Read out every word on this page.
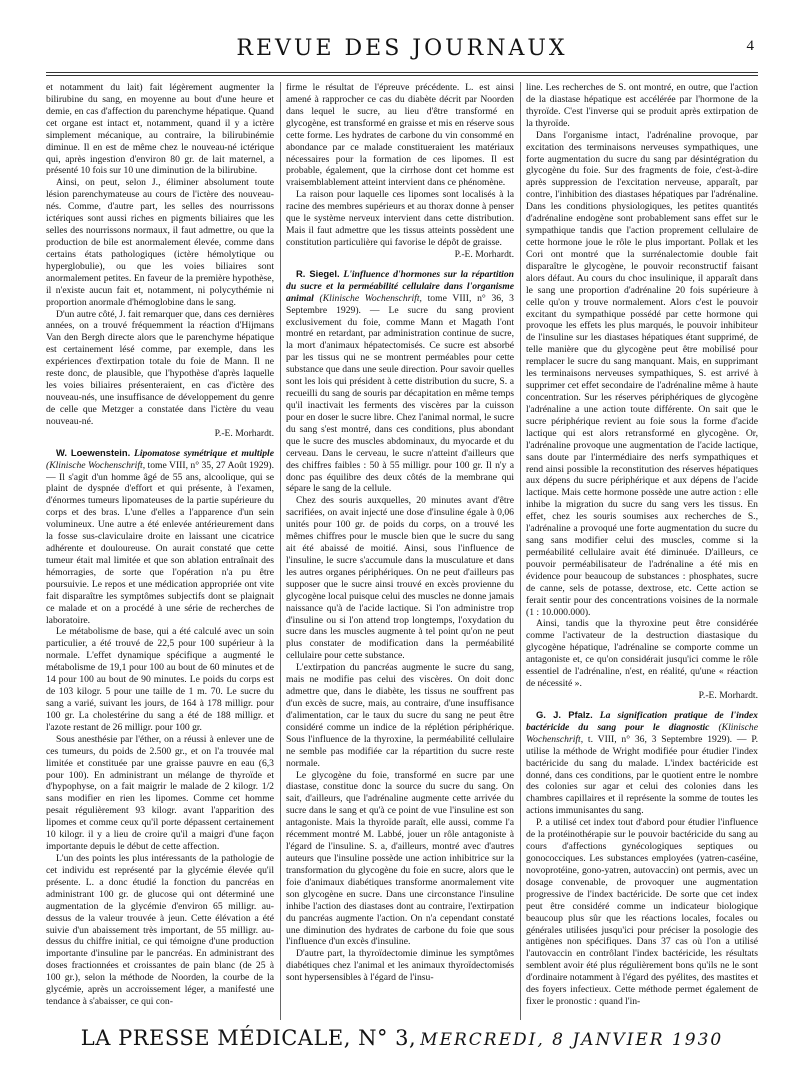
REVUE DES JOURNAUX	4

et notamment du lait) fait légèrement augmenter la bilirubine du sang, en moyenne au bout d'une heure et demie, en cas d'affection du parenchyme hépatique. Quand cet organe est intact et, notamment, quand il y a ictère simplement mécanique, au contraire, la bilirubinémie diminue. Il en est de même chez le nouveau-né ictérique qui, après ingestion d'environ 80 gr. de lait maternel, a présenté 10 fois sur 10 une diminution de la bilirubine.

Ainsi, on peut, selon J., éliminer absolument toute lésion parenchymateuse au cours de l'ictère des nouveau-nés. Comme, d'autre part, les selles des nourrissons ictériques sont aussi riches en pigments biliaires que les selles des nourrissons normaux, il faut admettre, ou que la production de bile est anormalement élevée, comme dans certains états pathologiques (ictère hémolytique ou hyperglobulie), ou que les voies biliaires sont anormalement petites. En faveur de la première hypothèse, il n'existe aucun fait et, notamment, ni polycythémie ni proportion anormale d'hémoglobine dans le sang.

D'un autre côté, J. fait remarquer que, dans ces dernières années, on a trouvé fréquemment la réaction d'Hijmans Van den Bergh directe alors que le parenchyme hépatique est certainement lésé comme, par exemple, dans les expériences d'extirpation totale du foie de Mann. Il ne reste donc, de plausible, que l'hypothèse d'après laquelle les voies biliaires présenteraient, en cas d'ictère des nouveau-nés, une insuffisance de développement du genre de celle que Metzger a constatée dans l'ictère du veau nouveau-né.

P.-E. Morhardt.

W. Loewenstein. Lipomatose symétrique et multiple (Klinische Wochenschrift, tome VIII, n° 35, 27 Août 1929). — Il s'agit d'un homme âgé de 55 ans, alcoolique, qui se plaint de dyspnée d'effort et qui présente, à l'examen, d'énormes tumeurs lipomateuses de la partie supérieure du corps et des bras. L'une d'elles a l'apparence d'un sein volumineux. Une autre a été enlevée antérieurement dans la fosse sus-claviculaire droite en laissant une cicatrice adhérente et douloureuse. On aurait constaté que cette tumeur était mal limitée et que son ablation entraînait des hémorragies, de sorte que l'opération n'a pu être poursuivie. Le repos et une médication appropriée ont vite fait disparaître les symptômes subjectifs dont se plaignait ce malade et on a procédé à une série de recherches de laboratoire.

Le métabolisme de base, qui a été calculé avec un soin particulier, a été trouvé de 22,5 pour 100 supérieur à la normale. L'effet dynamique spécifique a augmenté le métabolisme de 19,1 pour 100 au bout de 60 minutes et de 14 pour 100 au bout de 90 minutes. Le poids du corps est de 103 kilogr. 5 pour une taille de 1 m. 70. Le sucre du sang a varié, suivant les jours, de 164 à 178 milligr. pour 100 gr. La cholestérine du sang a été de 188 milligr. et l'azote restant de 26 milligr. pour 100 gr.

Sous anesthésie par l'éther, on a réussi à enlever une de ces tumeurs, du poids de 2.500 gr., et on l'a trouvée mal limitée et constituée par une graisse pauvre en eau (6,3 pour 100). En administrant un mélange de thyroïde et d'hypophyse, on a fait maigrir le malade de 2 kilogr. 1/2 sans modifier en rien les lipomes. Comme cet homme pesait régulièrement 93 kilogr. avant l'apparition des lipomes et comme ceux qu'il porte dépassent certainement 10 kilogr. il y a lieu de croire qu'il a maigri d'une façon importante depuis le début de cette affection.

L'un des points les plus intéressants de la pathologie de cet individu est représenté par la glycémie élevée qu'il présente. L. a donc étudié la fonction du pancréas en administrant 100 gr. de glucose qui ont déterminé une augmentation de la glycémie d'environ 65 milligr. au-dessus de la valeur trouvée à jeun. Cette élévation a été suivie d'un abaissement très important, de 55 milligr. au-dessus du chiffre initial, ce qui témoigne d'une production importante d'insuline par le pancréas. En administrant des doses fractionnées et croissantes de pain blanc (de 25 à 100 gr.), selon la méthode de Noorden, la courbe de la glycémie, après un accroissement léger, a manifesté une tendance à s'abaisser, ce qui con-

firme le résultat de l'épreuve précédente. L. est ainsi amené à rapprocher ce cas du diabète décrit par Noorden dans lequel le sucre, au lieu d'être transformé en glycogène, est transformé en graisse et mis en réserve sous cette forme. Les hydrates de carbone du vin consommé en abondance par ce malade constitueraient les matériaux nécessaires pour la formation de ces lipomes. Il est probable, également, que la cirrhose dont cet homme est vraisemblablement atteint intervient dans ce phénomène.

La raison pour laquelle ces lipomes sont localisés à la racine des membres supérieurs et au thorax donne à penser que le système nerveux intervient dans cette distribution. Mais il faut admettre que les tissus atteints possèdent une constitution particulière qui favorise le dépôt de graisse.

P.-E. Morhardt.

R. Siegel. L'influence d'hormones sur la répartition du sucre et la perméabilité cellulaire dans l'organisme animal (Klinische Wochenschrift, tome VIII, n° 36, 3 Septembre 1929). — Le sucre du sang provient exclusivement du foie, comme Mann et Magath l'ont montré en retardant, par administration continue de sucre, la mort d'animaux hépatectomisés. Ce sucre est absorbé par les tissus qui ne se montrent perméables pour cette substance que dans une seule direction. Pour savoir quelles sont les lois qui président à cette distribution du sucre, S. a recueilli du sang de souris par décapitation en même temps qu'il inactivait les ferments des viscères par la cuisson pour en doser le sucre libre. Chez l'animal normal, le sucre du sang s'est montré, dans ces conditions, plus abondant que le sucre des muscles abdominaux, du myocarde et du cerveau. Dans le cerveau, le sucre n'atteint d'ailleurs que des chiffres faibles : 50 à 55 milligr. pour 100 gr. Il n'y a donc pas équilibre des deux côtés de la membrane qui sépare le sang de la cellule.

Chez des souris auxquelles, 20 minutes avant d'être sacrifiées, on avait injecté une dose d'insuline égale à 0,06 unités pour 100 gr. de poids du corps, on a trouvé les mêmes chiffres pour le muscle bien que le sucre du sang ait été abaissé de moitié. Ainsi, sous l'influence de l'insuline, le sucre s'accumule dans la musculature et dans les autres organes périphériques. On ne peut d'ailleurs pas supposer que le sucre ainsi trouvé en excès provienne du glycogène local puisque celui des muscles ne donne jamais naissance qu'à de l'acide lactique. Si l'on administre trop d'insuline ou si l'on attend trop longtemps, l'oxydation du sucre dans les muscles augmente à tel point qu'on ne peut plus constater de modification dans la perméabilité cellulaire pour cette substance.

L'extirpation du pancréas augmente le sucre du sang, mais ne modifie pas celui des viscères. On doit donc admettre que, dans le diabète, les tissus ne souffrent pas d'un excès de sucre, mais, au contraire, d'une insuffisance d'alimentation, car le taux du sucre du sang ne peut être considéré comme un indice de la réplétion périphérique. Sous l'influence de la thyroxine, la perméabilité cellulaire ne semble pas modifiée car la répartition du sucre reste normale.

Le glycogène du foie, transformé en sucre par une diastase, constitue donc la source du sucre du sang. On sait, d'ailleurs, que l'adrénaline augmente cette arrivée du sucre dans le sang et qu'à ce point de vue l'insuline est son antagoniste. Mais la thyroïde paraît, elle aussi, comme l'a récemment montré M. Labbé, jouer un rôle antagoniste à l'égard de l'insuline. S. a, d'ailleurs, montré avec d'autres auteurs que l'insuline possède une action inhibitrice sur la transformation du glycogène du foie en sucre, alors que le foie d'animaux diabétiques transforme anormalement vite son glycogène en sucre. Dans une circonstance l'insuline inhibe l'action des diastases dont au contraire, l'extirpation du pancréas augmente l'action. On n'a cependant constaté une diminution des hydrates de carbone du foie que sous l'influence d'un excès d'insuline.

D'autre part, la thyroïdectomie diminue les symptômes diabétiques chez l'animal et les animaux thyroïdectomisés sont hypersensibles à l'égard de l'insu-

line. Les recherches de S. ont montré, en outre, que l'action de la diastase hépatique est accélérée par l'hormone de la thyroïde. C'est l'inverse qui se produit après extirpation de la thyroïde.

Dans l'organisme intact, l'adrénaline provoque, par excitation des terminaisons nerveuses sympathiques, une forte augmentation du sucre du sang par désintégration du glycogène du foie. Sur des fragments de foie, c'est-à-dire après suppression de l'excitation nerveuse, apparaît, par contre, l'inhibition des diastases hépatiques par l'adrénaline. Dans les conditions physiologiques, les petites quantités d'adrénaline endogène sont probablement sans effet sur le sympathique tandis que l'action proprement cellulaire de cette hormone joue le rôle le plus important. Pollak et les Cori ont montré que la surrénalectomie double fait disparaître le glycogène, le pouvoir reconstructif faisant alors défaut. Au cours du choc insulinique, il apparaît dans le sang une proportion d'adrénaline 20 fois supérieure à celle qu'on y trouve normalement. Alors c'est le pouvoir excitant du sympathique possédé par cette hormone qui provoque les effets les plus marqués, le pouvoir inhibiteur de l'insuline sur les diastases hépatiques étant supprimé, de telle manière que du glycogène peut être mobilisé pour remplacer le sucre du sang manquant. Mais, en supprimant les terminaisons nerveuses sympathiques, S. est arrivé à supprimer cet effet secondaire de l'adrénaline même à haute concentration. Sur les réserves périphériques de glycogène l'adrénaline a une action toute différente. On sait que le sucre périphérique revient au foie sous la forme d'acide lactique qui est alors retransformé en glycogène. Or, l'adrénaline provoque une augmentation de l'acide lactique, sans doute par l'intermédiaire des nerfs sympathiques et rend ainsi possible la reconstitution des réserves hépatiques aux dépens du sucre périphérique et aux dépens de l'acide lactique. Mais cette hormone possède une autre action : elle inhibe la migration du sucre du sang vers les tissus. En effet, chez les souris soumises aux recherches de S., l'adrénaline a provoqué une forte augmentation du sucre du sang sans modifier celui des muscles, comme si la perméabilité cellulaire avait été diminuée. D'ailleurs, ce pouvoir perméabilisateur de l'adrénaline a été mis en évidence pour beaucoup de substances : phosphates, sucre de canne, sels de potasse, dextrose, etc. Cette action se ferait sentir pour des concentrations voisines de la normale (1 : 10.000.000).

Ainsi, tandis que la thyroxine peut être considérée comme l'activateur de la destruction diastasique du glycogène hépatique, l'adrénaline se comporte comme un antagoniste et, ce qu'on considérait jusqu'ici comme le rôle essentiel de l'adrénaline, n'est, en réalité, qu'une « réaction de nécessité ».

P.-E. Morhardt.

G. J. Pfalz. La signification pratique de l'index bactéricide du sang pour le diagnostic (Klinische Wochenschrift, t. VIII, n° 36, 3 Septembre 1929). — P. utilise la méthode de Wright modifiée pour étudier l'index bactéricide du sang du malade. L'index bactéricide est donné, dans ces conditions, par le quotient entre le nombre des colonies sur agar et celui des colonies dans les chambres capillaires et il représente la somme de toutes les actions immunisantes du sang.

P. a utilisé cet index tout d'abord pour étudier l'influence de la protéinothérapie sur le pouvoir bactéricide du sang au cours d'affections gynécologiques septiques ou gonococciques. Les substances employées (yatren-caséine, novoprotéine, gono-yatren, autovaccin) ont permis, avec un dosage convenable, de provoquer une augmentation progressive de l'index bactéricide. De sorte que cet index peut être considéré comme un indicateur biologique beaucoup plus sûr que les réactions locales, focales ou générales utilisées jusqu'ici pour préciser la posologie des antigènes non spécifiques. Dans 37 cas où l'on a utilisé l'autovaccin en contrôlant l'index bactéricide, les résultats semblent avoir été plus régulièrement bons qu'ils ne le sont d'ordinaire notamment à l'égard des pyélites, des mastites et des foyers infectieux. Cette méthode permet également de fixer le pronostic : quand l'in-

LA PRESSE MÉDICALE, N° 3, MERCREDI, 8 JANVIER 1930
